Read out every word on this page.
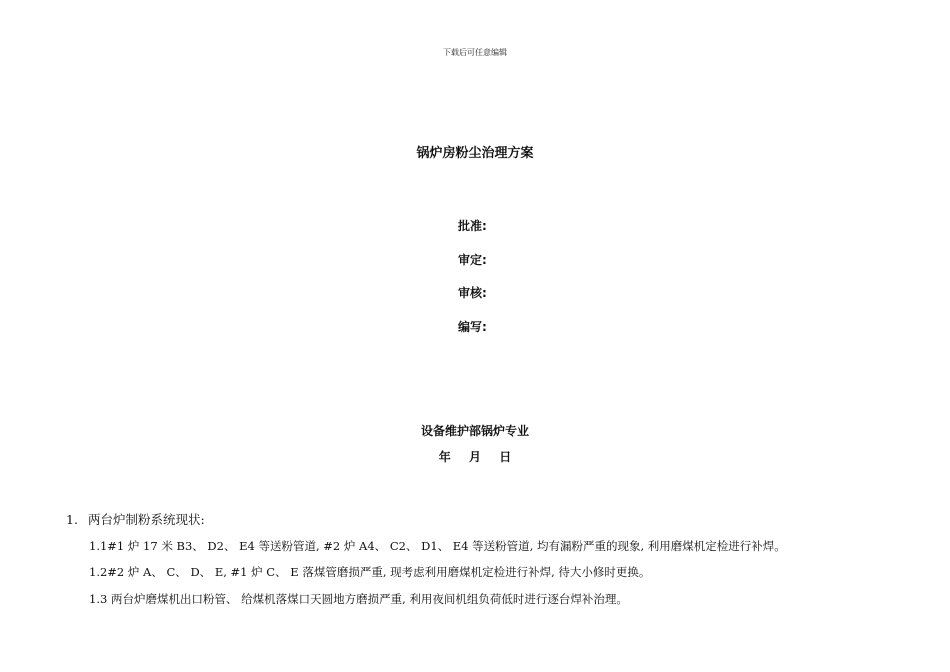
下载后可任意编辑
锅炉房粉尘治理方案
批准:
审定:
审核:
编写:
设备维护部锅炉专业
年 月 日
1. 两台炉制粉系统现状:
1.1#1 炉 17 米 B3、 D2、 E4 等送粉管道, #2 炉 A4、 C2、 D1、 E4 等送粉管道, 均有漏粉严重的现象, 利用磨煤机定检进行补焊。
1.2#2 炉 A、 C、 D、 E, #1 炉 C、 E 落煤管磨损严重, 现考虑利用磨煤机定检进行补焊, 待大小修时更换。
1.3 两台炉磨煤机出口粉管、 给煤机落煤口天圆地方磨损严重, 利用夜间机组负荷低时进行逐台焊补治理。
